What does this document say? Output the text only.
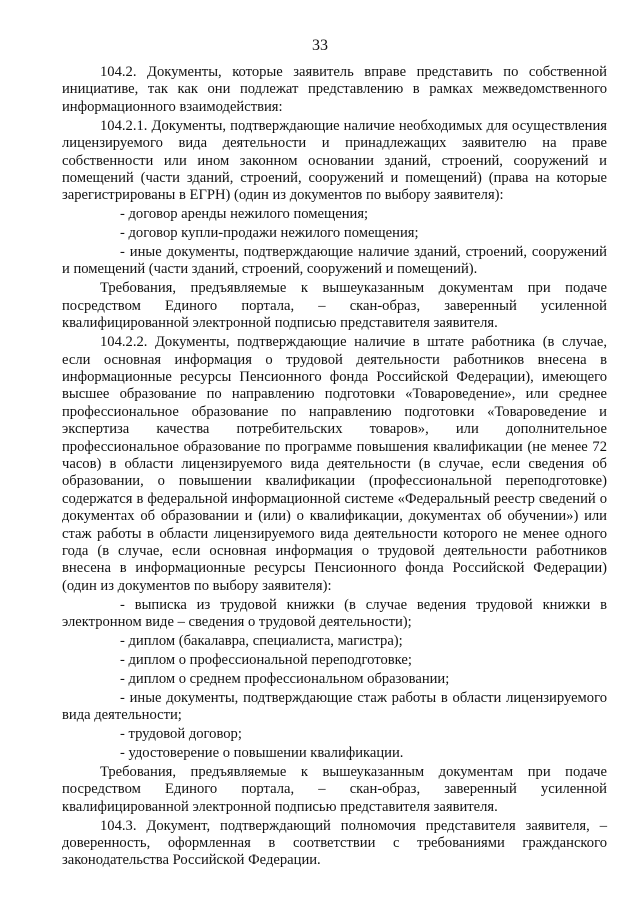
33

104.2. Документы, которые заявитель вправе представить по собственной инициативе, так как они подлежат представлению в рамках межведомственного информационного взаимодействия:

104.2.1. Документы, подтверждающие наличие необходимых для осуществления лицензируемого вида деятельности и принадлежащих заявителю на праве собственности или ином законном основании зданий, строений, сооружений и помещений (части зданий, строений, сооружений и помещений) (права на которые зарегистрированы в ЕГРН) (один из документов по выбору заявителя):

- договор аренды нежилого помещения;

- договор купли-продажи нежилого помещения;

- иные документы, подтверждающие наличие зданий, строений, сооружений и помещений (части зданий, строений, сооружений и помещений).

Требования, предъявляемые к вышеуказанным документам при подаче посредством Единого портала, – скан-образ, заверенный усиленной квалифицированной электронной подписью представителя заявителя.

104.2.2. Документы, подтверждающие наличие в штате работника (в случае, если основная информация о трудовой деятельности работников внесена в информационные ресурсы Пенсионного фонда Российской Федерации), имеющего высшее образование по направлению подготовки «Товароведение», или среднее профессиональное образование по направлению подготовки «Товароведение и экспертиза качества потребительских товаров», или дополнительное профессиональное образование по программе повышения квалификации (не менее 72 часов) в области лицензируемого вида деятельности (в случае, если сведения об образовании, о повышении квалификации (профессиональной переподготовке) содержатся в федеральной информационной системе «Федеральный реестр сведений о документах об образовании и (или) о квалификации, документах об обучении») или стаж работы в области лицензируемого вида деятельности которого не менее одного года (в случае, если основная информация о трудовой деятельности работников внесена в информационные ресурсы Пенсионного фонда Российской Федерации) (один из документов по выбору заявителя):

- выписка из трудовой книжки (в случае ведения трудовой книжки в электронном виде – сведения о трудовой деятельности);

- диплом (бакалавра, специалиста, магистра);

- диплом о профессиональной переподготовке;

- диплом о среднем профессиональном образовании;

- иные документы, подтверждающие стаж работы в области лицензируемого вида деятельности;

- трудовой договор;

- удостоверение о повышении квалификации.

Требования, предъявляемые к вышеуказанным документам при подаче посредством Единого портала, – скан-образ, заверенный усиленной квалифицированной электронной подписью представителя заявителя.

104.3. Документ, подтверждающий полномочия представителя заявителя, – доверенность, оформленная в соответствии с требованиями гражданского законодательства Российской Федерации.
